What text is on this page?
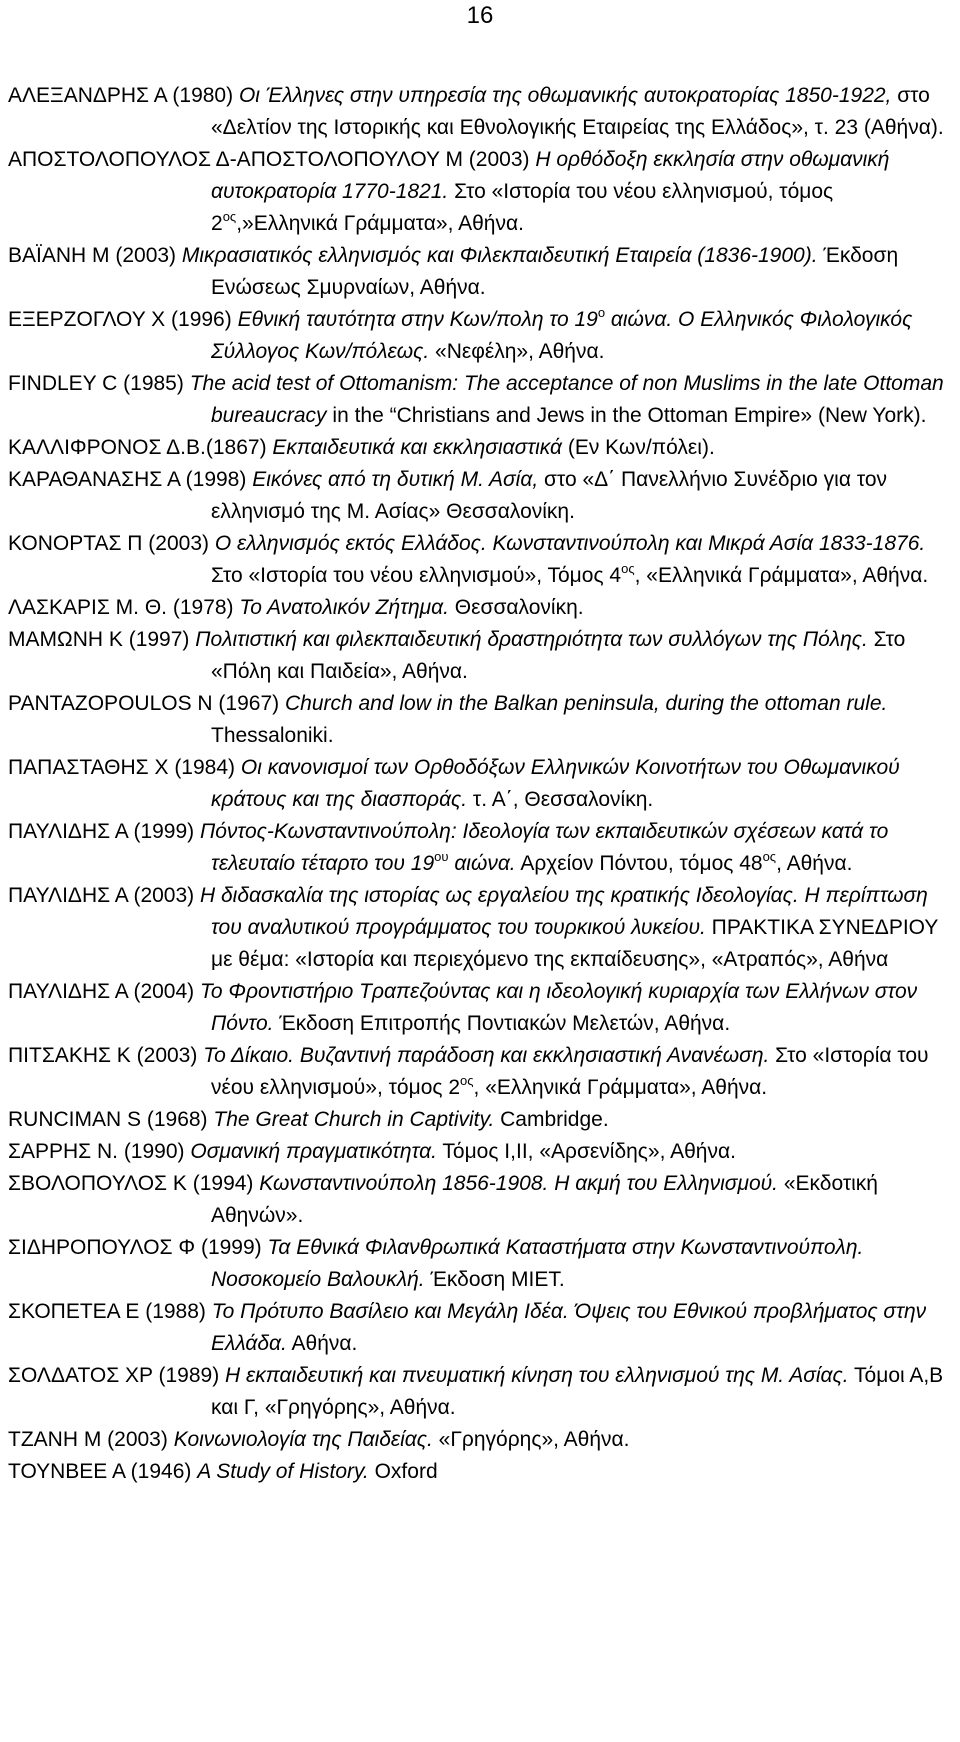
16

ΑΛΕΞΑΝΔΡΗΣ Α (1980) Οι Έλληνες στην υπηρεσία της οθωμανικής αυτοκρατορίας 1850-1922, στο «Δελτίον της Ιστορικής και Εθνολογικής Εταιρείας της Ελλάδος», τ. 23 (Αθήνα).

ΑΠΟΣΤΟΛΟΠΟΥΛΟΣ Δ-ΑΠΟΣΤΟΛΟΠΟΥΛΟΥ Μ (2003) Η ορθόδοξη εκκλησία στην οθωμανική αυτοκρατορία 1770-1821. Στο «Ιστορία του νέου ελληνισμού, τόμος $2^{o\varsigma},»E\lambda\lambda\eta\nu\iota\kappa ά$ Γράμματα», Αθήνα.

ΒΑΪΑΝΗ Μ (2003) Μικρασιατικός ελληνισμός και Φιλεκπαιδευτική Εταιρεία (1836-1900). Έκδοση Ενώσεως Σμυρναίων, Αθήνα.

ΕΞΕΡΖΟΓΛΟΥ Χ (1996) Εθνική ταυτότητα στην Κων/πολη το $19^o$ αιώνα. Ο Ελληνικός Φιλολογικός Σύλλογος Κων/πόλεως. «Νεφέλη», Αθήνα.

FINDLEY C (1985) The acid test of Ottomanism: The acceptance of non Muslims in the late Ottoman bureaucracy in the “Christians and Jews in the Ottoman Empire» (New York).

ΚΑΛΛΙΦΡΟΝΟΣ Δ.Β.(1867) Εκπαιδευτικά και εκκλησιαστικά (Εν Κων/πόλει).

ΚΑΡΑΘΑΝΑΣΗΣ Α (1998) Εικόνες από τη δυτική Μ. Ασία, στο «Δ΄ Πανελλήνιο Συνέδριο για τον ελληνισμό της Μ. Ασίας» Θεσσαλονίκη.

ΚΟΝΟΡΤΑΣ Π (2003) Ο ελληνισμός εκτός Ελλάδος. Κωνσταντινούπολη και Μικρά Ασία 1833-1876. Στο «Ιστορία του νέου ελληνισμού», Τόμος $4^{o\varsigma}$, «Ελληνικά Γράμματα», Αθήνα.

ΛΑΣΚΑΡΙΣ Μ. Θ. (1978) Το Ανατολικόν Ζήτημα. Θεσσαλονίκη.

ΜΑΜΩΝΗ Κ (1997) Πολιτιστική και φιλεκπαιδευτική δραστηριότητα των συλλόγων της Πόλης. Στο «Πόλη και Παιδεία», Αθήνα.

ΡΑΝΤΑΖΟΡΟULOS N (1967) Church and low in the Balkan peninsula, during the ottoman rule. Thessaloniki.

ΠΑΠΑΣΤΑΘΗΣ Χ (1984) Οι κανονισμοί των Ορθοδόξων Ελληνικών Κοινοτήτων του Οθωμανικού κράτους και της διασποράς. τ. Α΄, Θεσσαλονίκη.

ΠΑΥΛΙΔΗΣ Α (1999) Πόντος-Κωνσταντινούπολη: Ιδεολογία των εκπαιδευτικών σχέσεων κατά το τελευταίο τέταρτο του $19^{o\upsilon}$ αιώνα. Αρχείον Πόντου, τόμος $48^{o\varsigma}$, Αθήνα.

ΠΑΥΛΙΔΗΣ Α (2003) Η διδασκαλία της ιστορίας ως εργαλείου της κρατικής Ιδεολογίας. Η περίπτωση του αναλυτικού προγράμματος του τουρκικού λυκείου. ΠΡΑΚΤΙΚΑ ΣΥΝΕΔΡΙΟΥ με θέμα: «Ιστορία και περιεχόμενο της εκπαίδευσης», «Ατραπός», Αθήνα

ΠΑΥΛΙΔΗΣ Α (2004) Το Φροντιστήριο Τραπεζούντας και η ιδεολογική κυριαρχία των Ελλήνων στον Πόντο. Έκδοση Επιτροπής Ποντιακών Μελετών, Αθήνα.

ΠΙΤΣΑΚΗΣ Κ (2003) Το Δίκαιο. Βυζαντινή παράδοση και εκκλησιαστική Ανανέωση. Στο «Ιστορία του νέου ελληνισμού», τόμος $2^{o\varsigma}$, «Ελληνικά Γράμματα», Αθήνα.

RUNCIMAN S (1968) The Great Church in Captivity. Cambridge.

ΣΑΡΡΗΣ Ν. (1990) Οσμανική πραγματικότητα. Τόμος Ι,ΙΙ, «Αρσενίδης», Αθήνα.

ΣΒΟΛΟΠΟΥΛΟΣ Κ (1994) Κωνσταντινούπολη 1856-1908. Η ακμή του Ελληνισμού. «Εκδοτική Αθηνών».

ΣΙΔΗΡΟΠΟΥΛΟΣ Φ (1999) Τα Εθνικά Φιλανθρωπικά Καταστήματα στην Κωνσταντινούπολη. Νοσοκομείο Βαλουκλή. Έκδοση ΜΙΕΤ.

ΣΚΟΠΕΤΕΑ Ε (1988) Το Πρότυπο Βασίλειο και Μεγάλη Ιδέα. Όψεις του Εθνικού προβλήματος στην Ελλάδα. Αθήνα.

ΣΟΛΔΑΤΟΣ ΧΡ (1989) Η εκπαιδευτική και πνευματική κίνηση του ελληνισμού της Μ. Ασίας. Τόμοι Α,Β και Γ, «Γρηγόρης», Αθήνα.

ΤΖΑΝΗ Μ (2003) Κοινωνιολογία της Παιδείας. «Γρηγόρης», Αθήνα.

ΤΟΥΝΒΕΕ Α (1946) A Study of History. Oxford
